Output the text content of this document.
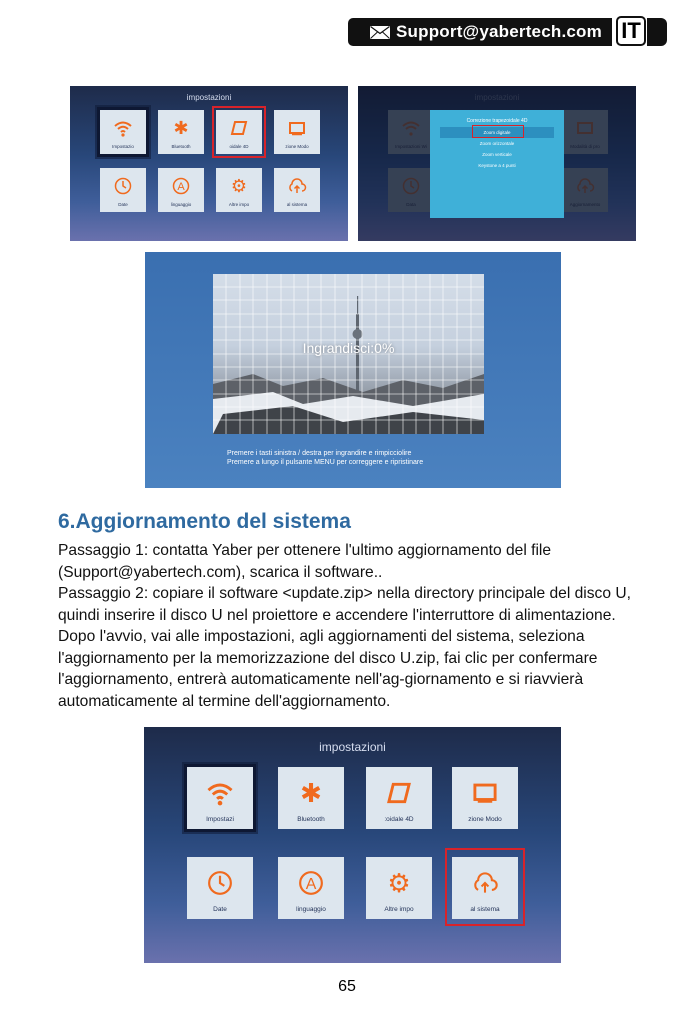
Support@yabertech.com IT
impostazioni
Impostazio
✱
Bluetooth	oidale 4D	zione Modo
Date
A
linguaggio
⚙
Altre impo	al sistema
Correzione trapezoidale 4D
Zoom digitale
Zoom orizzontale
Zoom verticale
Keystone a 4 punti
Ingrandisci:0%
Premere i tasti sinistra / destra per ingrandire e rimpicciolire
Premere a lungo il pulsante MENU per correggere e ripristinare
6.Aggiornamento del sistema
Passaggio 1: contatta Yaber per ottenere l'ultimo aggiornamento del file (Support@yabertech.com), scarica il software..
Passaggio 2: copiare il software <update.zip> nella directory principale del disco U, quindi inserire il disco U nel proiettore e accendere l'interruttore di alimentazione. Dopo l'avvio, vai alle impostazioni, agli aggiornamenti del sistema, seleziona l'aggiornamento per la memorizzazione del disco U.zip, fai clic per confermare l'aggiornamento, entrerà automaticamente nell'ag-giornamento e si riavvierà automaticamente al termine dell'aggiornamento.
impostazioni
Impostazi
✱
Bluetooth	:oidale 4D	zione Modo
Date
A
linguaggio
⚙
Altre impo	al sistema
65
